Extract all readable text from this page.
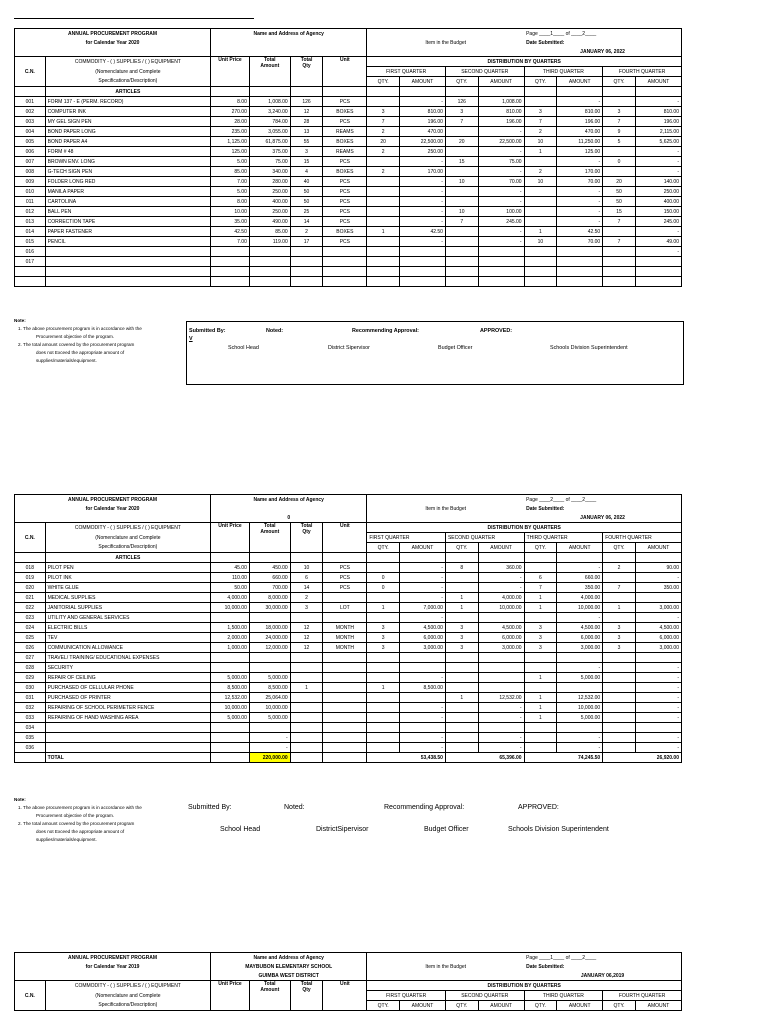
ANNUAL PROCUREMENT PROGRAM		Name and Address of Agency								Page ____1____ of ____2____			
for Calendar Year 2020						Item in the Budget				Date Submitted:			
										JANUARY 06, 2022			
C.N.	COMMODITY - ( ) SUPPLIES / ( ) EQUIPMENT	Unit Price	Total
Amount	Total
Qty	Unit	DISTRIBUTION BY QUARTERS							
	(Nomenclature and Complete					FIRST QUARTER		SECOND QUARTER		THIRD QUARTER		FOURTH QUARTER	
	Specifications/Description)					QTY.	AMOUNT	QTY.	AMOUNT	QTY.	AMOUNT	QTY.	AMOUNT
	ARTICLES												
001	FORM 137 - E (PERM. RECORD)	8.00	1,008.00	126	PCS		-	126	1,008.00		-		-
002	COMPUTER INK	270.00	3,240.00	12	BOXES	3	810.00	3	810.00	3	810.00	3	810.00
003	MY GEL SIGN PEN	28.00	784.00	28	PCS	7	196.00	7	196.00	7	196.00	7	196.00
004	BOND PAPER LONG	235.00	3,055.00	13	REAMS	2	470.00		-	2	470.00	9	2,115.00
005	BOND PAPER A4	1,125.00	61,875.00	55	BOXES	20	22,500.00	20	22,500.00	10	11,250.00	5	5,625.00
006	FORM # 48	125.00	375.00	3	REAMS	2	250.00		-	1	125.00		-
007	BROWN ENV. LONG	5.00	75.00	15	PCS		-	15	75.00		-	0	-
008	G-TECH SIGN PEN	85.00	340.00	4	BOXES	2	170.00		-	2	170.00		-
009	FOLDER LONG RED	7.00	280.00	40	PCS		-	10	70.00	10	70.00	20	140.00
010	MANILA PAPER	5.00	250.00	50	PCS		-		-		-	50	250.00
011	CARTOLINA	8.00	400.00	50	PCS		-		-		-	50	400.00
012	BALL PEN	10.00	250.00	25	PCS		-	10	100.00		-	15	150.00
013	CORRECTION TAPE	35.00	490.00	14	PCS		-	7	245.00		-	7	245.00
014	PAPER FASTENER	42.50	85.00	2	BOXES	1	42.50		-	1	42.50		-
015	PENCIL	7.00	119.00	17	PCS		-		-	10	70.00	7	49.00
016													-
017													

Note:
1. The above procurement program is in accordance with the
Procurement objective of the program.
2. The total amount covered by the procurement program
does not Exceed the appropriate amount of
supplies/materials/equipment.
Submitted By:
V
Noted:	Recommending Approval:	APPROVED:
School Head	District Sipervisor	Budget Officer	Schools Division Superintendent
ANNUAL PROCUREMENT PROGRAM		Name and Address of Agency								Page ____2____ of ____2____			
for Calendar Year 2020						Item in the Budget				Date Submitted:			
		0								JANUARY 06, 2022			
C.N.	COMMODITY - ( ) SUPPLIES / ( ) EQUIPMENT	Unit Price	Total
Amount	Total
Qty	Unit	DISTRIBUTION BY QUARTERS							
	(Nomenclature and Complete					FIRST QUARTER		SECOND QUARTER		THIRD QUARTER		FOURTH QUARTER	
	Specifications/Description)					QTY.	AMOUNT	QTY.	AMOUNT	QTY.	AMOUNT	QTY.	AMOUNT
	ARTICLES												
018	PILOT PEN	45.00	450.00	10	PCS		-	8	360.00		-	2	90.00
019	PILOT INK	110.00	660.00	6	PCS	0	-		-	6	660.00		-
020	WHITE GLUE	50.00	700.00	14	PCS	0	-		-	7	350.00	7	350.00
021	MEDICAL SUPPLIES	4,000.00	8,000.00	2			-	1	4,000.00	1	4,000.00		
022	JANITORIAL SUPPLIES	10,000.00	30,000.00	3	LOT	1	7,000.00	1	10,000.00	1	10,000.00	1	3,000.00
023	UTILITY AND GENERAL SERVICES						-				-		-
024	ELECTRIC BILLS	1,500.00	18,000.00	12	MONTH	3	4,500.00	3	4,500.00	3	4,500.00	3	4,500.00
025	TEV	2,000.00	24,000.00	12	MONTH	3	6,000.00	3	6,000.00	3	6,000.00	3	6,000.00
026	COMMUNICATION ALLOWANCE	1,000.00	12,000.00	12	MONTH	3	3,000.00	3	3,000.00	3	3,000.00	3	3,000.00
027	TRAVEL/ TRAINING/ EDUCATIONAL EXPENSES												
028	SECURITY										-		-
029	REPAIR OF CEILING	5,000.00	5,000.00				-			1	5,000.00		-
030	PURCHASED OF CELLULAR PHONE	8,500.00	8,500.00	1		1	8,500.00						-
031	PURCHASED OF PRINTER	12,532.00	25,064.00					1	12,532.00	1	12,532.00		-
032	REPAIRING OF SCHOOL PERIMETER FENCE	10,000.00	10,000.00				-		-	1	10,000.00		-
033	REPAIRING OF HAND WASHING AREA	5,000.00	5,000.00				-		-	1	5,000.00		-
034													
035			-				-		-		-		-
036			-				-		-		-		-
	TOTAL		220,000.00			53,438.50		65,396.00		74,245.50		26,920.00	
Note:
1. The above procurement program is in accordance with the
Procurement objective of the program.
2. The total amount covered by the procurement program
does not Exceed the appropriate amount of
supplies/materials/equipment.
Submitted By:	Noted:	Recommending Approval:	APPROVED:
School Head	DistrictSipervisor	Budget Officer	Schools Division Superintendent
ANNUAL PROCUREMENT PROGRAM		Name and Address of Agency								Page ____1____ of ____2____			
for Calendar Year 2019		MAYBUBON ELEMENTARY SCHOOL				Item in the Budget				Date Submitted:			
		GUIMBA WEST DISTRICT								JANUARY 06,2019			
C.N.	COMMODITY - ( ) SUPPLIES / ( ) EQUIPMENT	Unit Price	Total
Amount	Total
Qty	Unit	DISTRIBUTION BY QUARTERS							
	(Nomenclature and Complete					FIRST QUARTER		SECOND QUARTER		THIRD QUARTER		FOURTH QUARTER	
	Specifications/Description)					QTY.	AMOUNT	QTY.	AMOUNT	QTY.	AMOUNT	QTY.	AMOUNT
